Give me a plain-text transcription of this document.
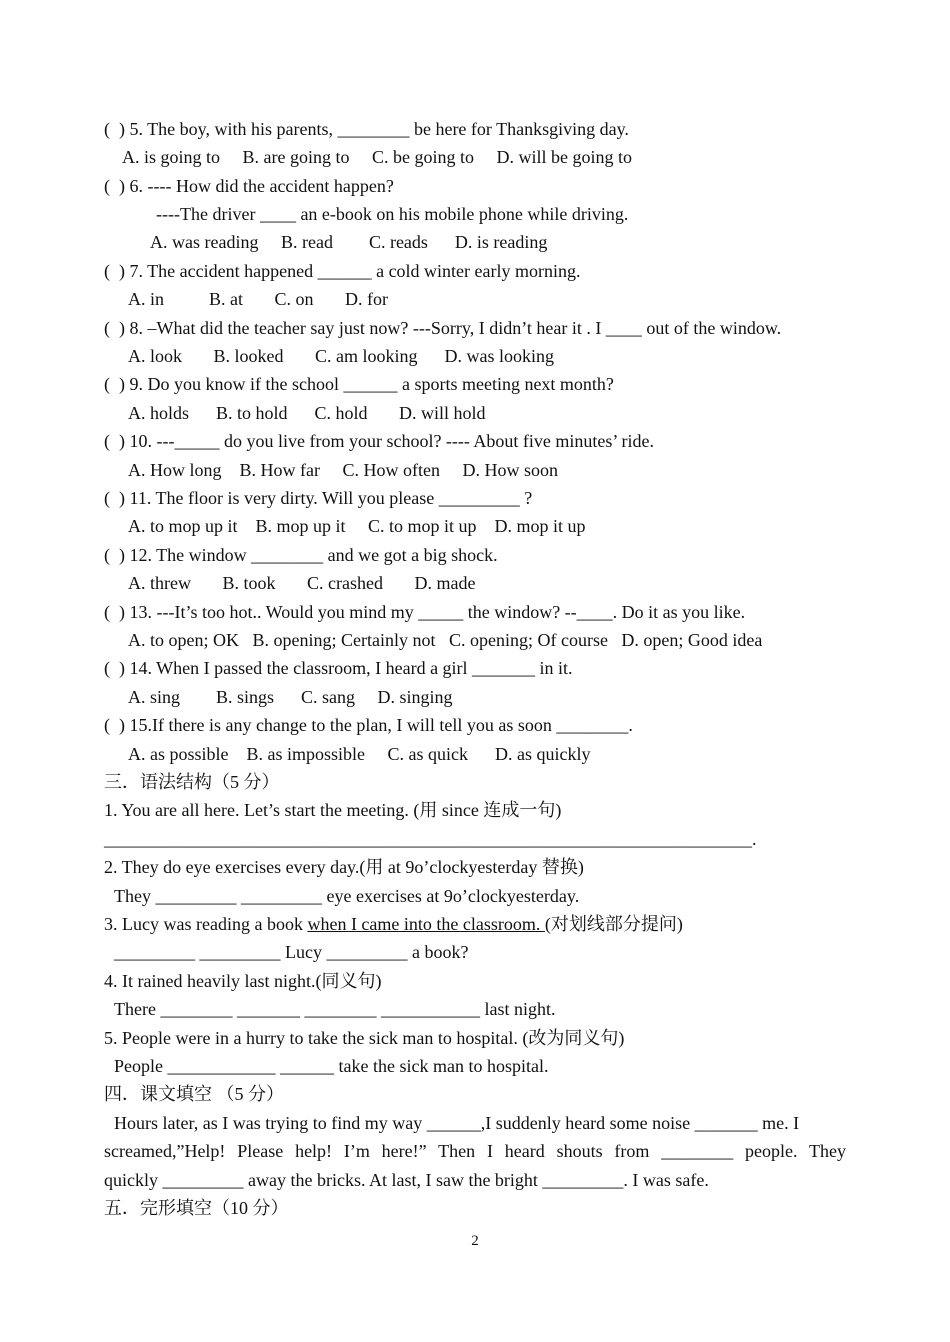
(  ) 5. The boy, with his parents, ________ be here for Thanksgiving day.
A. is going to     B. are going to     C. be going to     D. will be going to
(  ) 6. ---- How did the accident happen?
----The driver ____ an e-book on his mobile phone while driving.
A. was reading     B. read        C. reads      D. is reading
(  ) 7. The accident happened ______ a cold winter early morning.
A. in          B. at       C. on       D. for
(  ) 8. –What did the teacher say just now? ---Sorry, I didn’t hear it . I ____ out of the window.
A. look       B. looked       C. am looking      D. was looking
(  ) 9. Do you know if the school ______ a sports meeting next month?
A. holds      B. to hold      C. hold       D. will hold
(  ) 10. ---_____ do you live from your school? ---- About five minutes’ ride.
A. How long    B. How far     C. How often     D. How soon
(  ) 11. The floor is very dirty. Will you please _________ ?
A. to mop up it    B. mop up it     C. to mop it up    D. mop it up
(  ) 12. The window ________ and we got a big shock.
A. threw       B. took       C. crashed       D. made
(  ) 13. ---It’s too hot.. Would you mind my _____ the window? --____. Do it as you like.
A. to open; OK   B. opening; Certainly not   C. opening; Of course   D. open; Good idea
(  ) 14. When I passed the classroom, I heard a girl _______ in it.
A. sing        B. sings      C. sang     D. singing
(  ) 15.If there is any change to the plan, I will tell you as soon ________.
A. as possible    B. as impossible     C. as quick      D. as quickly
三．语法结构（5 分）
1. You are all here. Let’s start the meeting. (用 since 连成一句)
________________________________________________________________________.
2. They do eye exercises every day.(用 at 9o’clockyesterday 替换)
They _________ _________ eye exercises at 9o’clockyesterday.
3. Lucy was reading a book when I came into the classroom. (对划线部分提问)
_________ _________ Lucy _________ a book?
4. It rained heavily last night.(同义句)
There ________ _______ ________ ___________ last night.
5. People were in a hurry to take the sick man to hospital. (改为同义句)
People ____________ ______ take the sick man to hospital.
四．课文填空 （5 分）
Hours later, as I was trying to find my way ______,I suddenly heard some noise _______ me. I
screamed,”Help! Please help! I’m here!” Then I heard shouts from ________ people. They
quickly _________ away the bricks. At last, I saw the bright _________. I was safe.
五．完形填空（10 分）
2
